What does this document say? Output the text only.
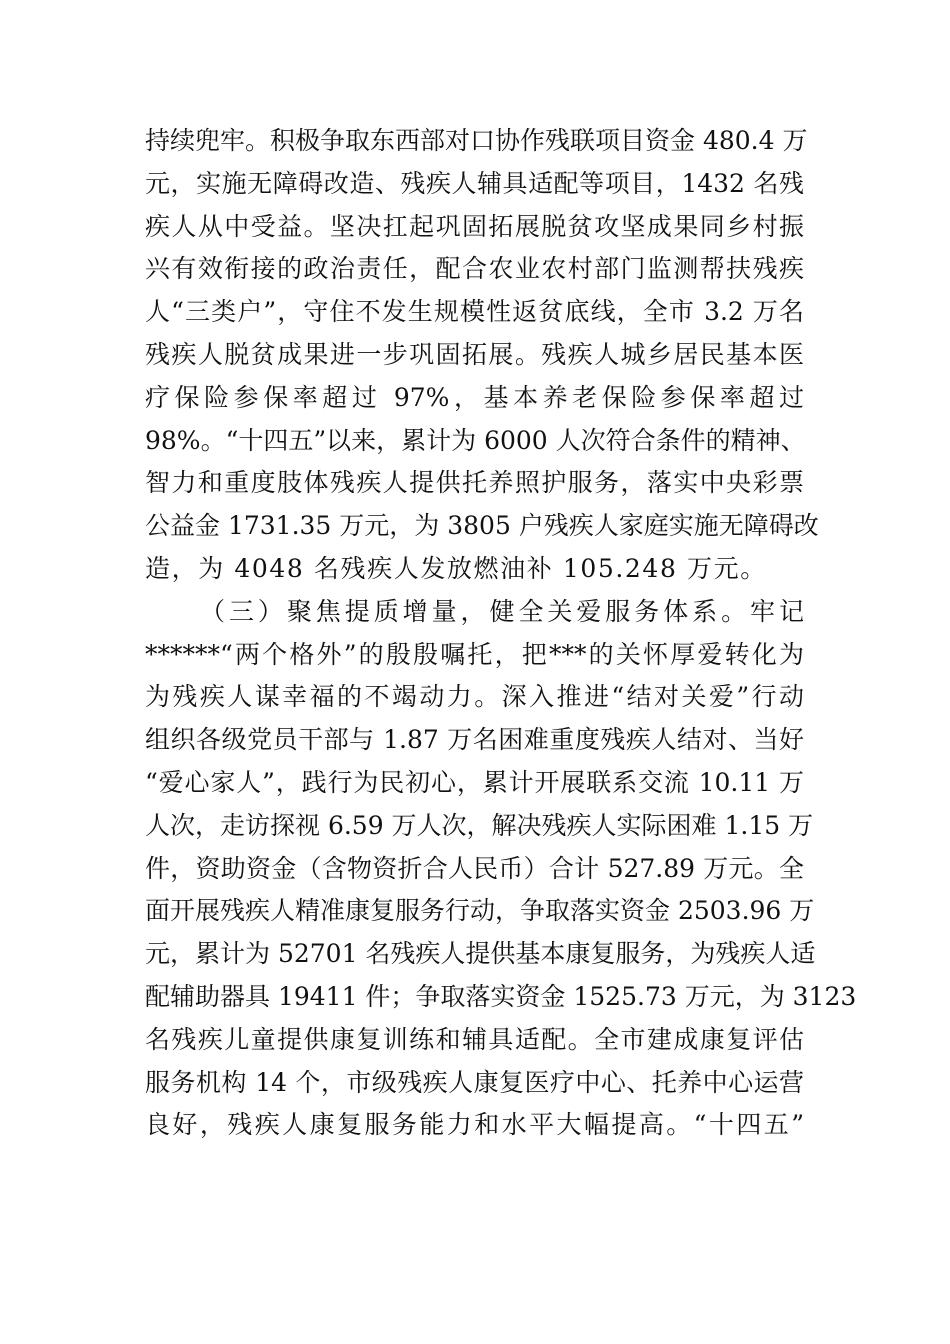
持续兜牢。积极争取东西部对口协作残联项目资金 480.4 万
元，实施无障碍改造、残疾人辅具适配等项目，1432 名残
疾人从中受益。坚决扛起巩固拓展脱贫攻坚成果同乡村振
兴有效衔接的政治责任，配合农业农村部门监测帮扶残疾
人“三类户”，守住不发生规模性返贫底线，全市 3.2 万名
残疾人脱贫成果进一步巩固拓展。残疾人城乡居民基本医
疗保险参保率超过 97%，基本养老保险参保率超过
98%。“十四五”以来，累计为 6000 人次符合条件的精神、
智力和重度肢体残疾人提供托养照护服务，落实中央彩票
公益金 1731.35 万元，为 3805 户残疾人家庭实施无障碍改
造，为 4048 名残疾人发放燃油补 105.248 万元。
（三）聚焦提质增量，健全关爱服务体系。牢记
******“两个格外”的殷殷嘱托，把***的关怀厚爱转化为
为残疾人谋幸福的不竭动力。深入推进“结对关爱”行动
组织各级党员干部与 1.87 万名困难重度残疾人结对、当好
“爱心家人”，践行为民初心，累计开展联系交流 10.11 万
人次，走访探视 6.59 万人次，解决残疾人实际困难 1.15 万
件，资助资金（含物资折合人民币）合计 527.89 万元。全
面开展残疾人精准康复服务行动，争取落实资金 2503.96 万
元，累计为 52701 名残疾人提供基本康复服务，为残疾人适
配辅助器具 19411 件；争取落实资金 1525.73 万元，为 3123
名残疾儿童提供康复训练和辅具适配。全市建成康复评估
服务机构 14 个，市级残疾人康复医疗中心、托养中心运营
良好，残疾人康复服务能力和水平大幅提高。“十四五”
